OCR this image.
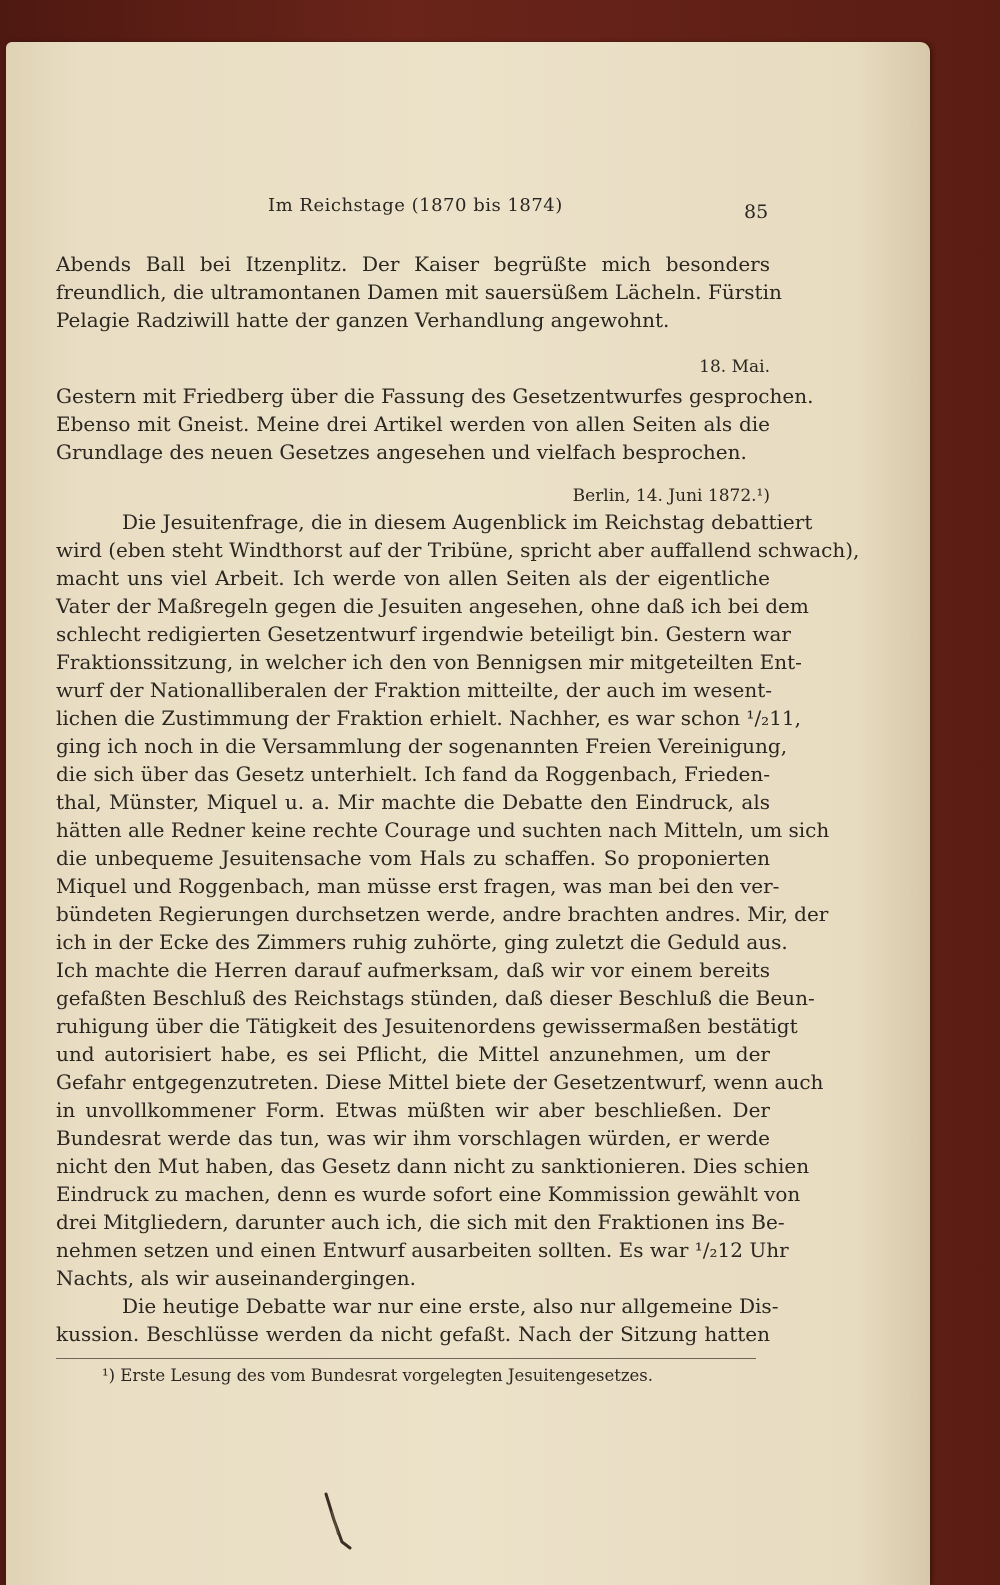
Im Reichstage (1870 bis 1874)	85
Abends Ball bei Itzenplitz. Der Kaiser begrüßte mich besonders
freundlich, die ultramontanen Damen mit sauersüßem Lächeln. Fürstin
Pelagie Radziwill hatte der ganzen Verhandlung angewohnt.
18. Mai.
Gestern mit Friedberg über die Fassung des Gesetzentwurfes gesprochen.
Ebenso mit Gneist. Meine drei Artikel werden von allen Seiten als die
Grundlage des neuen Gesetzes angesehen und vielfach besprochen.
Berlin, 14. Juni 1872.¹)
Die Jesuitenfrage, die in diesem Augenblick im Reichstag debattiert
wird (eben steht Windthorst auf der Tribüne, spricht aber auffallend schwach),
macht uns viel Arbeit. Ich werde von allen Seiten als der eigentliche
Vater der Maßregeln gegen die Jesuiten angesehen, ohne daß ich bei dem
schlecht redigierten Gesetzentwurf irgendwie beteiligt bin. Gestern war
Fraktionssitzung, in welcher ich den von Bennigsen mir mitgeteilten Ent-
wurf der Nationalliberalen der Fraktion mitteilte, der auch im wesent-
lichen die Zustimmung der Fraktion erhielt. Nachher, es war schon ¹/₂11,
ging ich noch in die Versammlung der sogenannten Freien Vereinigung,
die sich über das Gesetz unterhielt. Ich fand da Roggenbach, Frieden-
thal, Münster, Miquel u. a. Mir machte die Debatte den Eindruck, als
hätten alle Redner keine rechte Courage und suchten nach Mitteln, um sich
die unbequeme Jesuitensache vom Hals zu schaffen. So proponierten
Miquel und Roggenbach, man müsse erst fragen, was man bei den ver-
bündeten Regierungen durchsetzen werde, andre brachten andres. Mir, der
ich in der Ecke des Zimmers ruhig zuhörte, ging zuletzt die Geduld aus.
Ich machte die Herren darauf aufmerksam, daß wir vor einem bereits
gefaßten Beschluß des Reichstags stünden, daß dieser Beschluß die Beun-
ruhigung über die Tätigkeit des Jesuitenordens gewissermaßen bestätigt
und autorisiert habe, es sei Pflicht, die Mittel anzunehmen, um der
Gefahr entgegenzutreten. Diese Mittel biete der Gesetzentwurf, wenn auch
in unvollkommener Form. Etwas müßten wir aber beschließen. Der
Bundesrat werde das tun, was wir ihm vorschlagen würden, er werde
nicht den Mut haben, das Gesetz dann nicht zu sanktionieren. Dies schien
Eindruck zu machen, denn es wurde sofort eine Kommission gewählt von
drei Mitgliedern, darunter auch ich, die sich mit den Fraktionen ins Be-
nehmen setzen und einen Entwurf ausarbeiten sollten. Es war ¹/₂12 Uhr
Nachts, als wir auseinandergingen.
Die heutige Debatte war nur eine erste, also nur allgemeine Dis-
kussion. Beschlüsse werden da nicht gefaßt. Nach der Sitzung hatten
¹) Erste Lesung des vom Bundesrat vorgelegten Jesuitengesetzes.
